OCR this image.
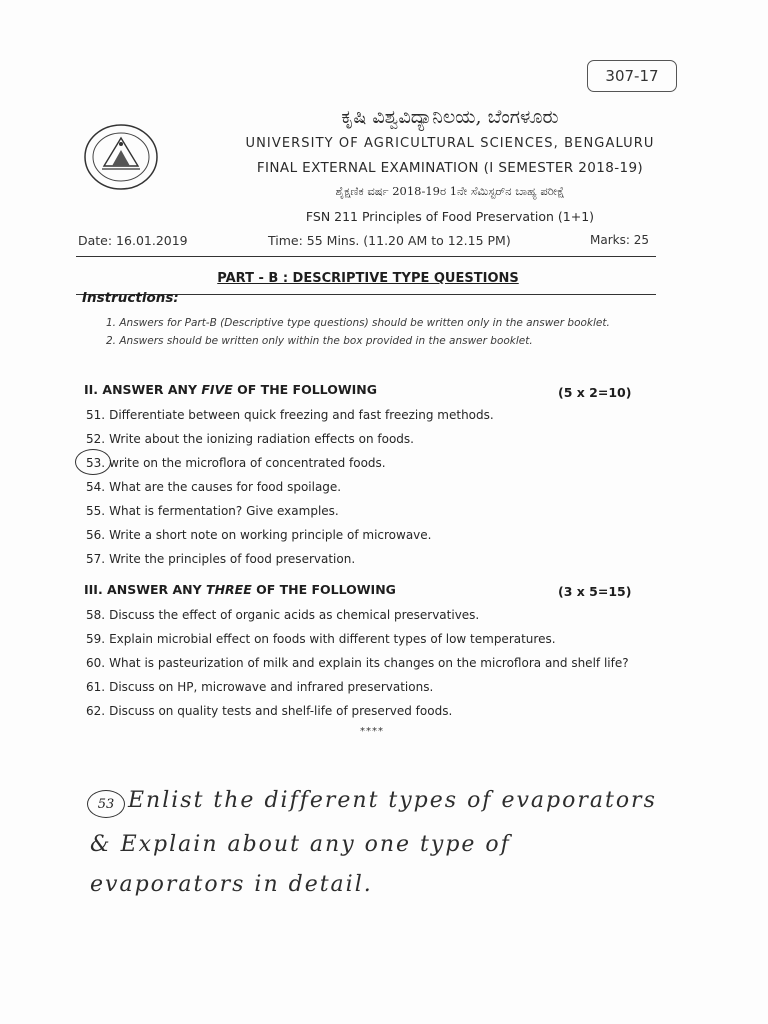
307-17
ಕೃಷಿ ವಿಶ್ವವಿದ್ಯಾನಿಲಯ, ಬೆಂಗಳೂರು
UNIVERSITY OF AGRICULTURAL SCIENCES, BENGALURU
FINAL EXTERNAL EXAMINATION (I SEMESTER 2018-19)
ಶೈಕ್ಷಣಿಕ ವರ್ಷ 2018-19ರ 1ನೇ ಸೆಮಿಸ್ಟರ್‌ನ ಬಾಹ್ಯ ಪರೀಕ್ಷೆ
FSN 211 Principles of Food Preservation (1+1)
Date: 16.01.2019	Time: 55 Mins. (11.20 AM to 12.15 PM)	Marks: 25
PART - B : DESCRIPTIVE TYPE QUESTIONS
Instructions:
1. Answers for Part-B (Descriptive type questions) should be written only in the answer booklet.
2. Answers should be written only within the box provided in the answer booklet.
II. ANSWER ANY FIVE OF THE FOLLOWING	(5 x 2=10)
51. Differentiate between quick freezing and fast freezing methods.
52. Write about the ionizing radiation effects on foods.
53. write on the microflora of concentrated foods.
54. What are the causes for food spoilage.
55. What is fermentation? Give examples.
56. Write a short note on working principle of microwave.
57. Write the principles of food preservation.
III. ANSWER ANY THREE OF THE FOLLOWING	(3 x 5=15)
58. Discuss the effect of organic acids as chemical preservatives.
59. Explain microbial effect on foods with different types of low temperatures.
60. What is pasteurization of milk and explain its changes on the microflora and shelf life?
61. Discuss on HP, microwave and infrared preservations.
62. Discuss on quality tests and shelf-life of preserved foods.
****
53 Enlist the different types of evaporators
& Explain about any one type of
evaporators in detail.
